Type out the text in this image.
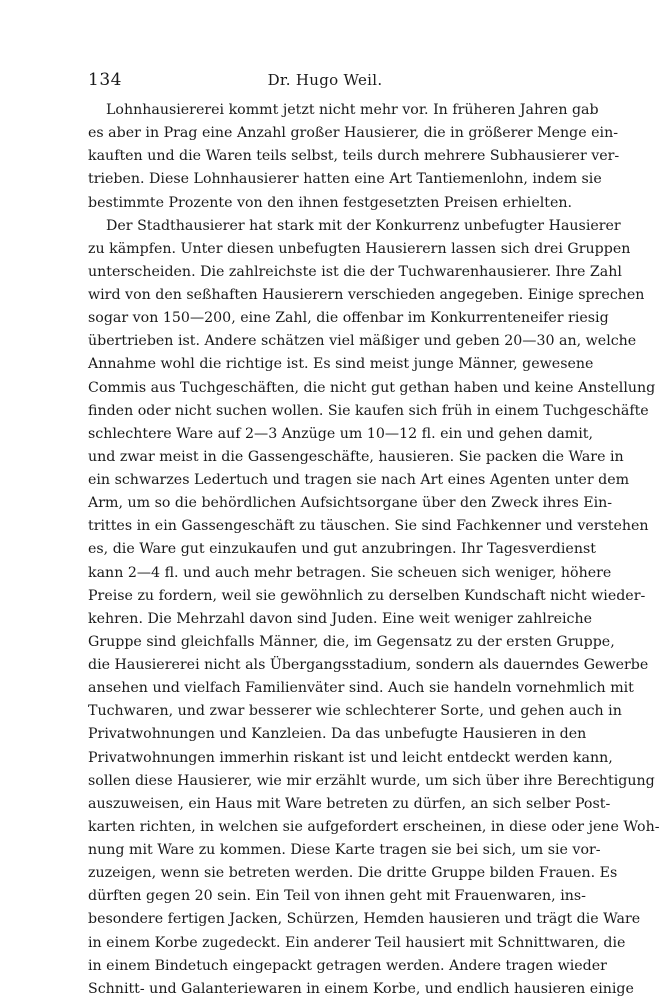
134	Dr. Hugo Weil.
Lohnhausiererei kommt jetzt nicht mehr vor. In früheren Jahren gab
es aber in Prag eine Anzahl großer Hausierer, die in größerer Menge ein-
kauften und die Waren teils selbst, teils durch mehrere Subhausierer ver-
trieben. Diese Lohnhausierer hatten eine Art Tantiemenlohn, indem sie
bestimmte Prozente von den ihnen festgesetzten Preisen erhielten.
Der Stadthausierer hat stark mit der Konkurrenz unbefugter Hausierer
zu kämpfen. Unter diesen unbefugten Hausierern lassen sich drei Gruppen
unterscheiden. Die zahlreichste ist die der Tuchwarenhausierer. Ihre Zahl
wird von den seßhaften Hausierern verschieden angegeben. Einige sprechen
sogar von 150—200, eine Zahl, die offenbar im Konkurrenteneifer riesig
übertrieben ist. Andere schätzen viel mäßiger und geben 20—30 an, welche
Annahme wohl die richtige ist. Es sind meist junge Männer, gewesene
Commis aus Tuchgeschäften, die nicht gut gethan haben und keine Anstellung
finden oder nicht suchen wollen. Sie kaufen sich früh in einem Tuchgeschäfte
schlechtere Ware auf 2—3 Anzüge um 10—12 fl. ein und gehen damit,
und zwar meist in die Gassengeschäfte, hausieren. Sie packen die Ware in
ein schwarzes Ledertuch und tragen sie nach Art eines Agenten unter dem
Arm, um so die behördlichen Aufsichtsorgane über den Zweck ihres Ein-
trittes in ein Gassengeschäft zu täuschen. Sie sind Fachkenner und verstehen
es, die Ware gut einzukaufen und gut anzubringen. Ihr Tagesverdienst
kann 2—4 fl. und auch mehr betragen. Sie scheuen sich weniger, höhere
Preise zu fordern, weil sie gewöhnlich zu derselben Kundschaft nicht wieder-
kehren. Die Mehrzahl davon sind Juden. Eine weit weniger zahlreiche
Gruppe sind gleichfalls Männer, die, im Gegensatz zu der ersten Gruppe,
die Hausiererei nicht als Übergangsstadium, sondern als dauerndes Gewerbe
ansehen und vielfach Familienväter sind. Auch sie handeln vornehmlich mit
Tuchwaren, und zwar besserer wie schlechterer Sorte, und gehen auch in
Privatwohnungen und Kanzleien. Da das unbefugte Hausieren in den
Privatwohnungen immerhin riskant ist und leicht entdeckt werden kann,
sollen diese Hausierer, wie mir erzählt wurde, um sich über ihre Berechtigung
auszuweisen, ein Haus mit Ware betreten zu dürfen, an sich selber Post-
karten richten, in welchen sie aufgefordert erscheinen, in diese oder jene Woh-
nung mit Ware zu kommen. Diese Karte tragen sie bei sich, um sie vor-
zuzeigen, wenn sie betreten werden. Die dritte Gruppe bilden Frauen. Es
dürften gegen 20 sein. Ein Teil von ihnen geht mit Frauenwaren, ins-
besondere fertigen Jacken, Schürzen, Hemden hausieren und trägt die Ware
in einem Korbe zugedeckt. Ein anderer Teil hausiert mit Schnittwaren, die
in einem Bindetuch eingepackt getragen werden. Andere tragen wieder
Schnitt- und Galanteriewaren in einem Korbe, und endlich hausieren einige
